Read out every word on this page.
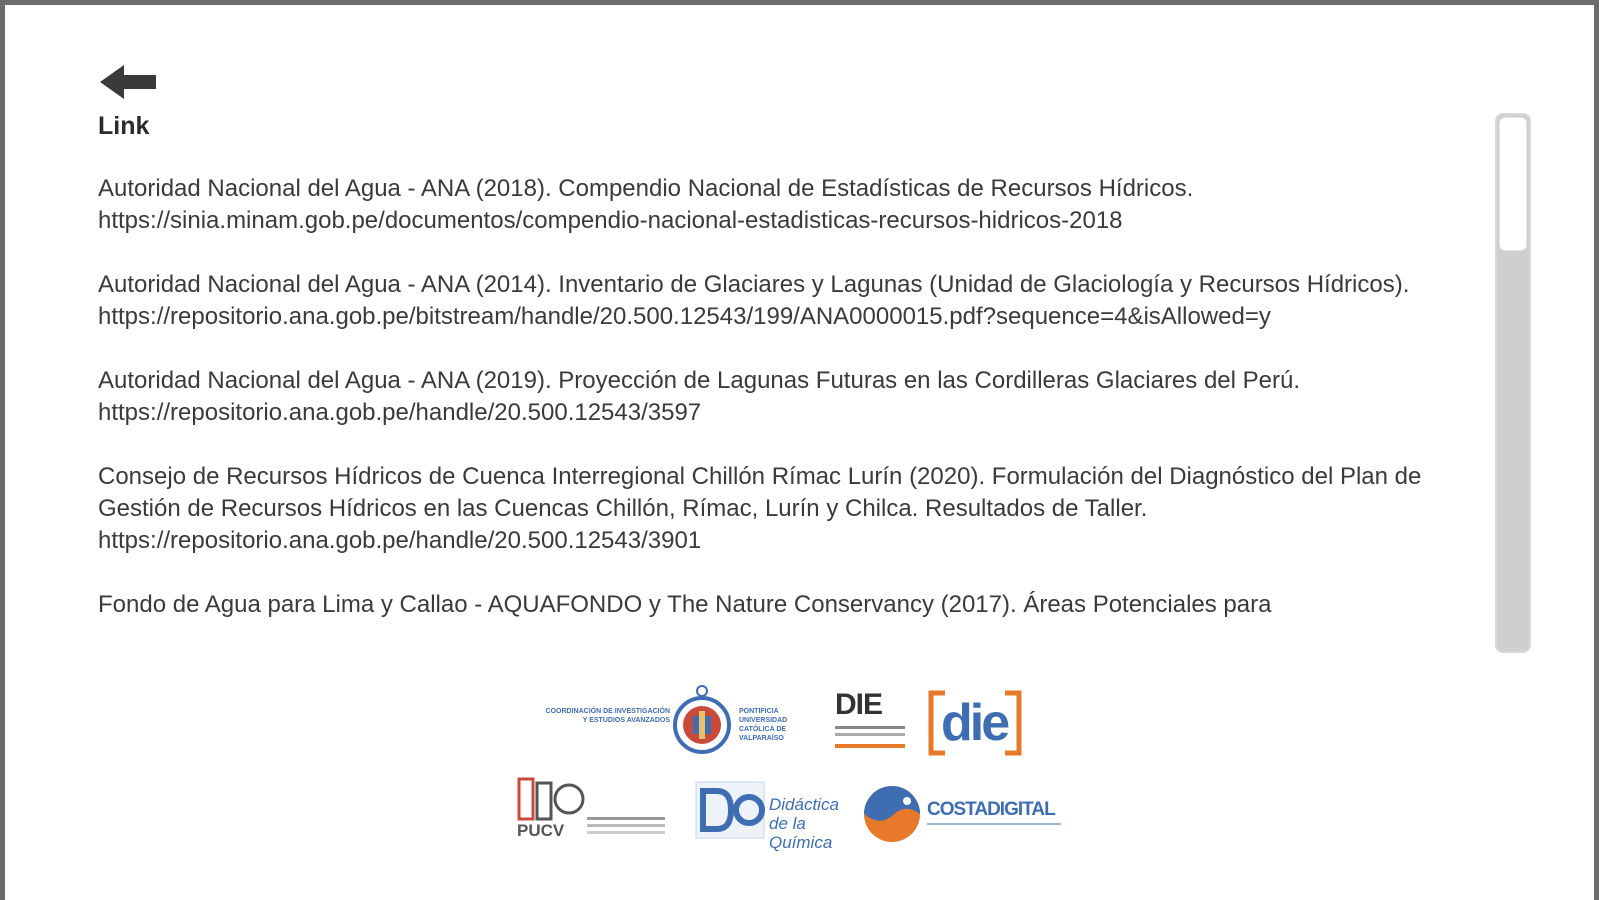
Link

Autoridad Nacional del Agua - ANA (2018). Compendio Nacional de Estadísticas de Recursos Hídricos. https://sinia.minam.gob.pe/documentos/compendio-nacional-estadisticas-recursos-hidricos-2018

Autoridad Nacional del Agua - ANA (2014). Inventario de Glaciares y Lagunas (Unidad de Glaciología y Recursos Hídricos). https://repositorio.ana.gob.pe/bitstream/handle/20.500.12543/199/ANA0000015.pdf?sequence=4&isAllowed=y

Autoridad Nacional del Agua - ANA (2019). Proyección de Lagunas Futuras en las Cordilleras Glaciares del Perú. https://repositorio.ana.gob.pe/handle/20.500.12543/3597

Consejo de Recursos Hídricos de Cuenca Interregional Chillón Rímac Lurín (2020). Formulación del Diagnóstico del Plan de Gestión de Recursos Hídricos en las Cuencas Chillón, Rímac, Lurín y Chilca. Resultados de Taller. https://repositorio.ana.gob.pe/handle/20.500.12543/3901

Fondo de Agua para Lima y Callao - AQUAFONDO y The Nature Conservancy (2017). Áreas Potenciales para

COORDINACIÓN DE INVESTIGACIÓN Y ESTUDIOS AVANZADOS
PONTIFICIA UNIVERSIDAD CATÓLICA DE VALPARAÍSO
DIE	die
PUCV
Didáctica de la Química
COSTADIGITAL
